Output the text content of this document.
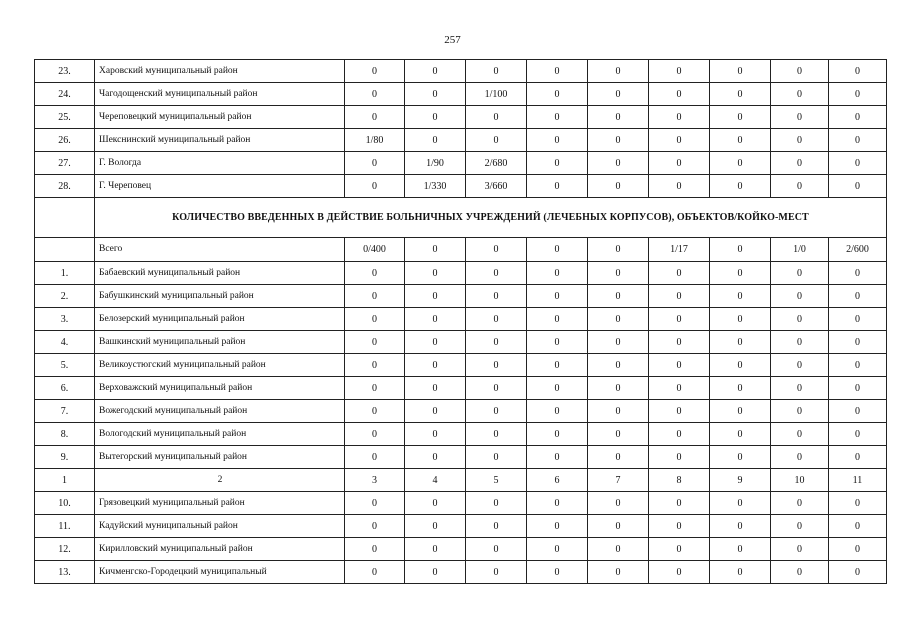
257
23.	Харовский муниципальный район	0	0	0	0	0	0	0	0	0
24.	Чагодощенский муниципальный район	0	0	1/100	0	0	0	0	0	0
25.	Череповецкий муниципальный район	0	0	0	0	0	0	0	0	0
26.	Шекснинский муниципальный район	1/80	0	0	0	0	0	0	0	0
27.	Г. Вологда	0	1/90	2/680	0	0	0	0	0	0
28.	Г. Череповец	0	1/330	3/660	0	0	0	0	0	0
	КОЛИЧЕСТВО ВВЕДЕННЫХ В ДЕЙСТВИЕ БОЛЬНИЧНЫХ УЧРЕЖДЕНИЙ (ЛЕЧЕБНЫХ КОРПУСОВ), ОБЪЕКТОВ/КОЙКО-МЕСТ									
	Всего	0/400	0	0	0	0	1/17	0	1/0	2/600
1.	Бабаевский муниципальный район	0	0	0	0	0	0	0	0	0
2.	Бабушкинский муниципальный район	0	0	0	0	0	0	0	0	0
3.	Белозерский муниципальный район	0	0	0	0	0	0	0	0	0
4.	Вашкинский муниципальный район	0	0	0	0	0	0	0	0	0
5.	Великоустюгский муниципальный район	0	0	0	0	0	0	0	0	0
6.	Верховажский муниципальный район	0	0	0	0	0	0	0	0	0
7.	Вожегодский муниципальный район	0	0	0	0	0	0	0	0	0
8.	Вологодский муниципальный район	0	0	0	0	0	0	0	0	0
9.	Вытегорский муниципальный район	0	0	0	0	0	0	0	0	0
1	2	3	4	5	6	7	8	9	10	11
10.	Грязовецкий муниципальный район	0	0	0	0	0	0	0	0	0
11.	Кадуйский муниципальный район	0	0	0	0	0	0	0	0	0
12.	Кирилловский муниципальный район	0	0	0	0	0	0	0	0	0
13.	Кичменгско-Городецкий муниципальный	0	0	0	0	0	0	0	0	0
